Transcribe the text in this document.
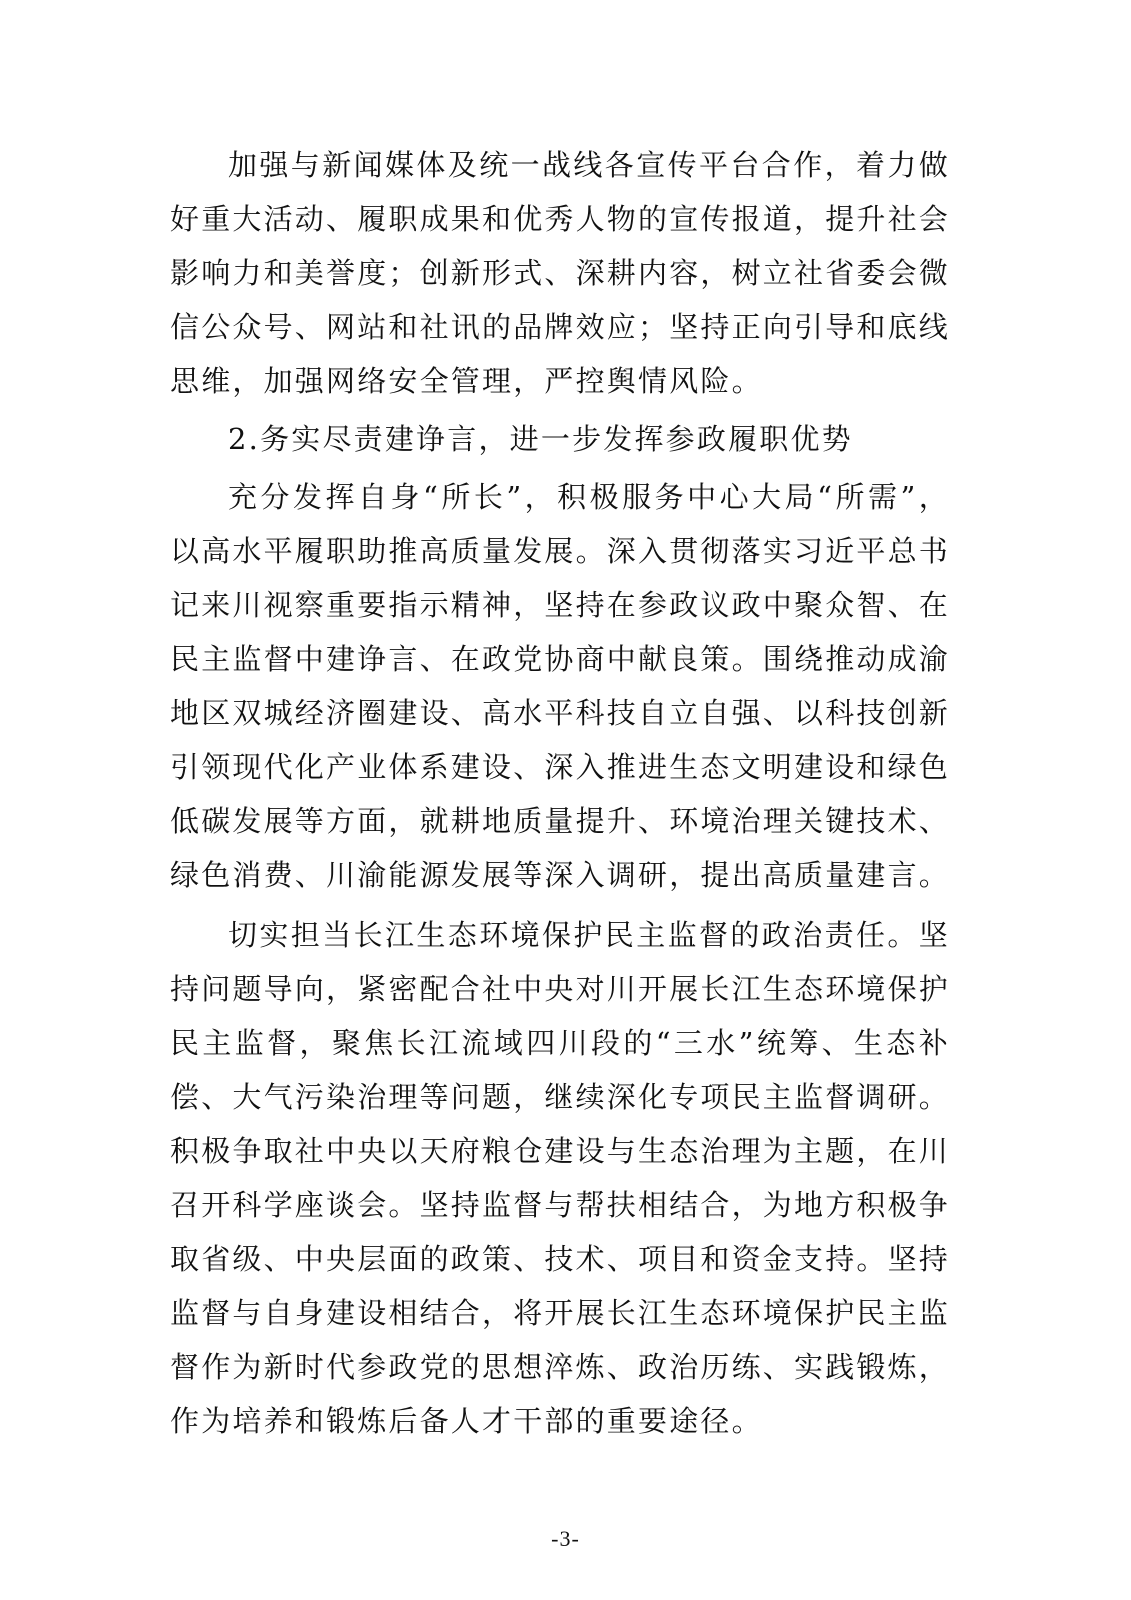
加强与新闻媒体及统一战线各宣传平台合作，着力做好重大活动、履职成果和优秀人物的宣传报道，提升社会影响力和美誉度；创新形式、深耕内容，树立社省委会微信公众号、网站和社讯的品牌效应；坚持正向引导和底线思维，加强网络安全管理，严控舆情风险。

2.务实尽责建诤言，进一步发挥参政履职优势

充分发挥自身“所长”，积极服务中心大局“所需”，以高水平履职助推高质量发展。深入贯彻落实习近平总书记来川视察重要指示精神，坚持在参政议政中聚众智、在民主监督中建诤言、在政党协商中献良策。围绕推动成渝地区双城经济圈建设、高水平科技自立自强、以科技创新引领现代化产业体系建设、深入推进生态文明建设和绿色低碳发展等方面，就耕地质量提升、环境治理关键技术、绿色消费、川渝能源发展等深入调研，提出高质量建言。

切实担当长江生态环境保护民主监督的政治责任。坚持问题导向，紧密配合社中央对川开展长江生态环境保护民主监督，聚焦长江流域四川段的“三水”统筹、生态补偿、大气污染治理等问题，继续深化专项民主监督调研。积极争取社中央以天府粮仓建设与生态治理为主题，在川召开科学座谈会。坚持监督与帮扶相结合，为地方积极争取省级、中央层面的政策、技术、项目和资金支持。坚持监督与自身建设相结合，将开展长江生态环境保护民主监督作为新时代参政党的思想淬炼、政治历练、实践锻炼，作为培养和锻炼后备人才干部的重要途径。

-3-
